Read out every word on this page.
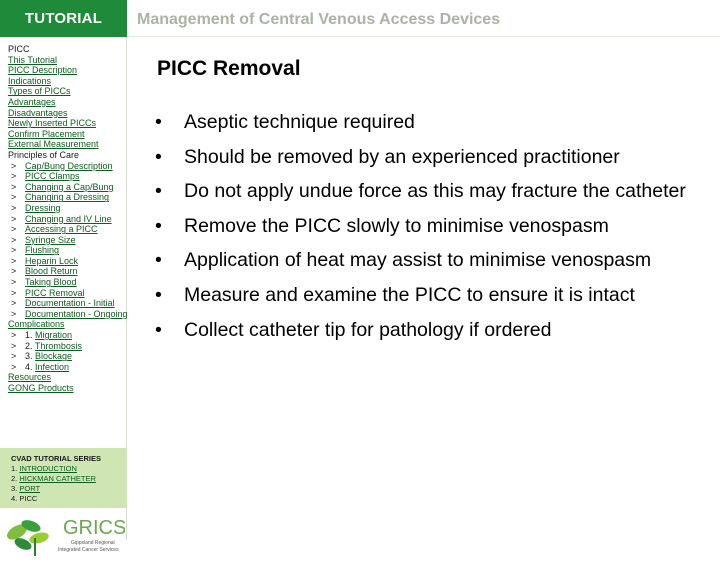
TUTORIAL	Management of Central Venous Access Devices
PICC
This Tutorial
PICC Description
Indications
Types of PICCs
Advantages
Disadvantages
Newly Inserted PICCs
Confirm Placement
External Measurement
Principles of Care
> Cap/Bung Description
> PICC Clamps
> Changing a Cap/Bung
> Changing a Dressing
> Dressing
> Changing and IV Line
> Accessing a PICC
> Syringe Size
> Flushing
> Heparin Lock
> Blood Return
> Taking Blood
> PICC Removal
> Documentation - Initial
> Documentation - Ongoing
Complications
> 1. Migration
> 2. Thrombosis
> 3. Blockage
> 4. Infection
Resources
GONG Products
CVAD TUTORIAL SERIES
1. INTRODUCTION
2. HICKMAN CATHETER
3. PORT
4. PICC
GRICS
Gippsland Regional
Integrated Cancer Services
PICC Removal
• Aseptic technique required
• Should be removed by an experienced practitioner
• Do not apply undue force as this may fracture the catheter
• Remove the PICC slowly to minimise venospasm
• Application of heat may assist to minimise venospasm
• Measure and examine the PICC to ensure it is intact
• Collect catheter tip for pathology if ordered
